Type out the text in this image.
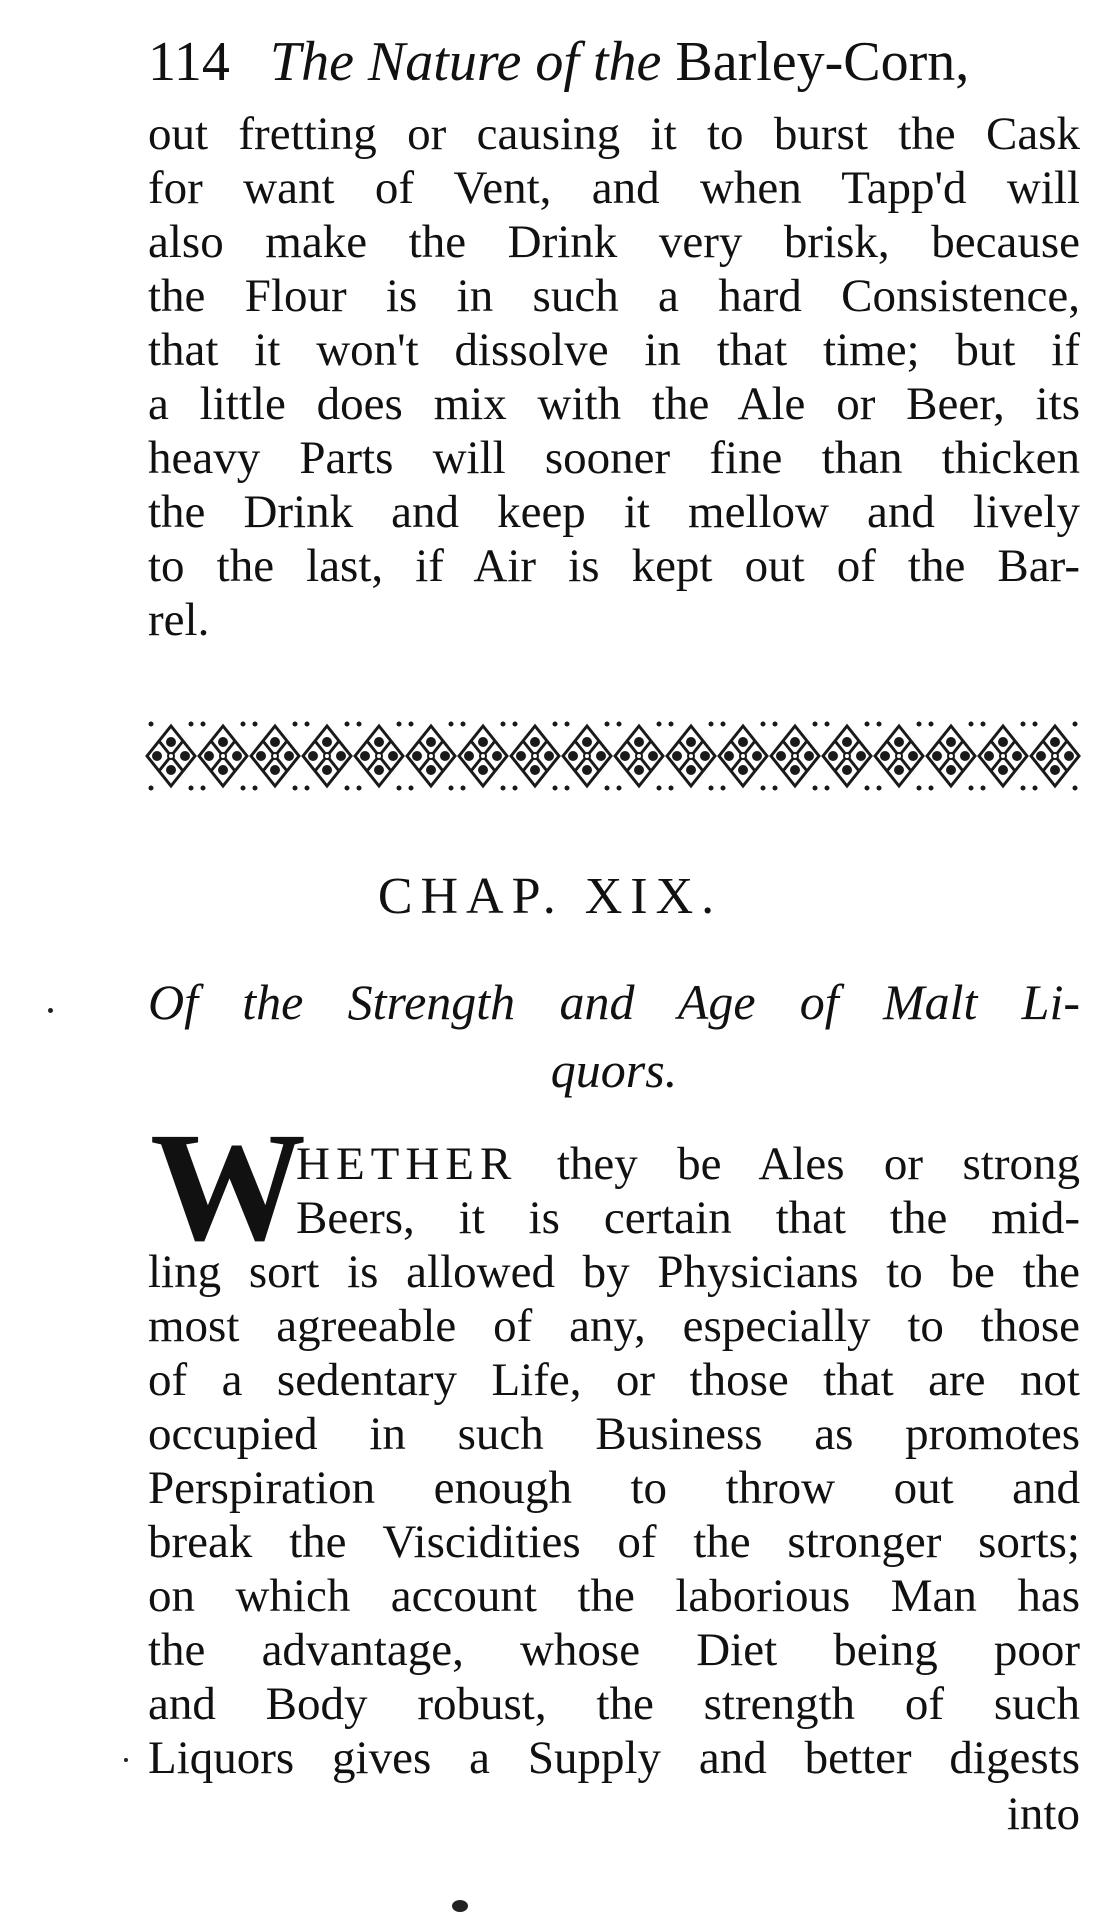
114 The Nature of the Barley-Corn,
out fretting or causing it to burst the Cask
for want of Vent, and when Tapp'd will
also make the Drink very brisk, because
the Flour is in such a hard Consistence,
that it won't dissolve in that time; but if
a little does mix with the Ale or Beer, its
heavy Parts will sooner fine than thicken
the Drink and keep it mellow and lively
to the last, if Air is kept out of the Bar-
rel.
CHAP. XIX.
Of the Strength and Age of Malt Li-
quors.
W
HETHER they be Ales or strong
Beers, it is certain that the mid-
ling sort is allowed by Physicians to be the
most agreeable of any, especially to those
of a sedentary Life, or those that are not
occupied in such Business as promotes
Perspiration enough to throw out and
break the Viscidities of the stronger sorts;
on which account the laborious Man has
the advantage, whose Diet being poor
and Body robust, the strength of such
Liquors gives a Supply and better digests
into
